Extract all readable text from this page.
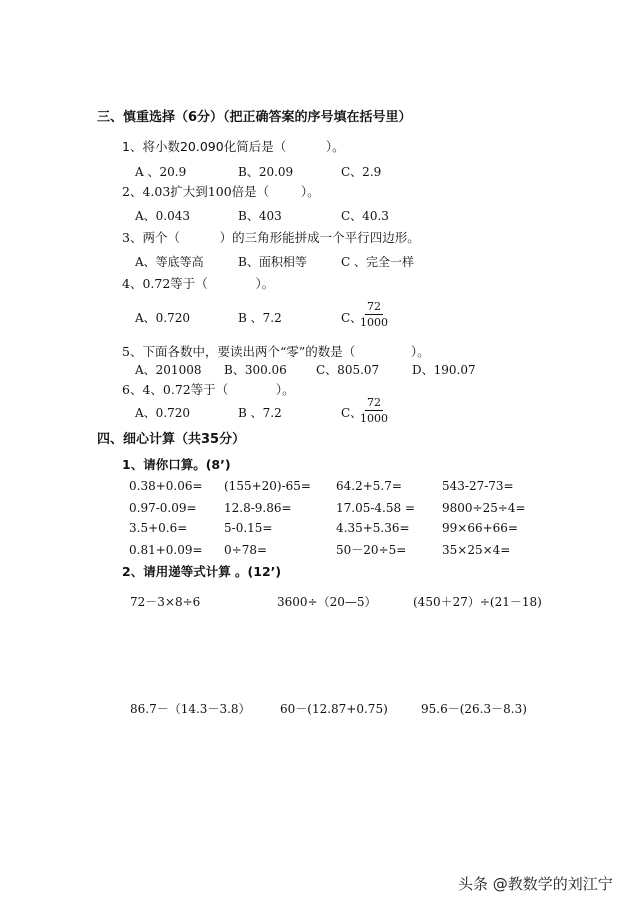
三、慎重选择（6分）（把正确答案的序号填在括号里）
1、将小数20.090化简后是（          ）。
A 、20.9	B、20.09	C、2.9
2、4.03扩大到100倍是（        ）。
A、0.043	B、403	C、40.3
3、两个（          ）的三角形能拼成一个平行四边形。
A、等底等高	B、面积相等	C 、完全一样
4、0.72等于（            ）。
A、0.720	B 、7.2	C、
$\frac{72}{1000}$
5、下面各数中，要读出两个“零”的数是（              ）。
A、201008 B、300.06 C、805.07	D、190.07
6、4、0.72等于（            ）。
A、0.720	B 、7.2	C、
$\frac{72}{1000}$
四、细心计算（共35分）
1、请你口算。(8’)
0.38+0.06= (155+20)-65= 64.2+5.7=	543-27-73=
0.97-0.09= 12.8-9.86=	17.05-4.58 = 9800÷25÷4=
3.5+0.6=	5-0.15=	4.35+5.36=	99×66+66=
0.81+0.09= 0÷78=	50－20÷5=	35×25×4=
2、请用递等式计算 。(12’)
72－3×8÷6	3600÷（20—5）	(450＋27）÷(21－18)
86.7－（14.3－3.8） 60－(12.87+0.75)	95.6－(26.3－8.3)
头条 @教数学的刘江宁
